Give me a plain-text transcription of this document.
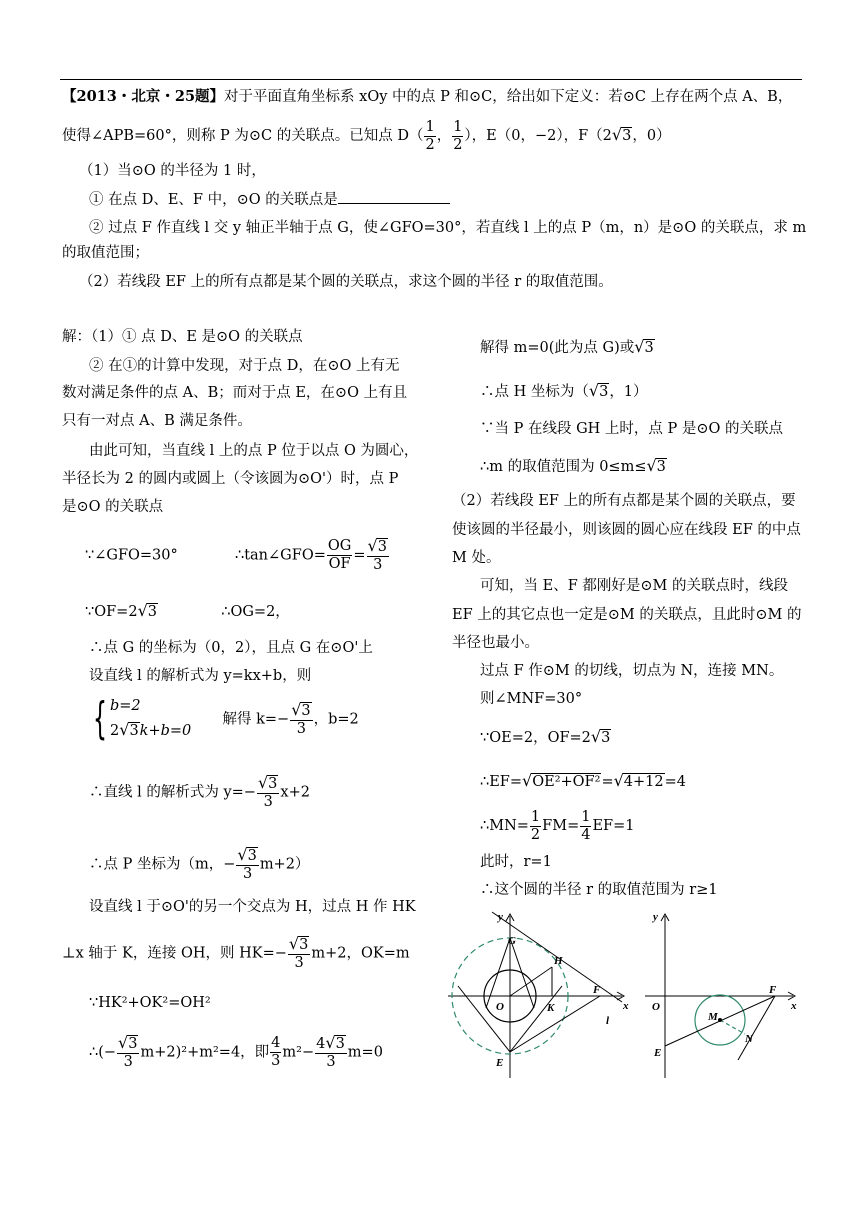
【2013・北京・25题】对于平面直角坐标系 xOy 中的点 P 和⊙C，给出如下定义：若⊙C 上存在两个点 A、B，
使得∠APB=60°，则称 P 为⊙C 的关联点。已知点 $D( \frac{1}{2}$ ， $\frac{1}{2}$ ），E（0，−2），F（2√3，0）
（1）当⊙O 的半径为 1 时，
① 在点 D、E、F 中，⊙O 的关联点是
② 过点 F 作直线 l 交 y 轴正半轴于点 G，使∠GFO=30°，若直线 l 上的点 P（m，n）是⊙O 的关联点，求 m
的取值范围；
（2）若线段 EF 上的所有点都是某个圆的关联点，求这个圆的半径 r 的取值范围。
解：（1）① 点 D、E 是⊙O 的关联点
② 在①的计算中发现，对于点 D，在⊙O 上有无
数对满足条件的点 A、B；而对于点 E，在⊙O 上有且
只有一对点 A、B 满足条件。
由此可知，当直线 l 上的点 P 位于以点 O 为圆心，
半径长为 2 的圆内或圆上（令该圆为⊙O'）时，点 P
是⊙O 的关联点
∵∠GFO=30°	∴tan∠GFO= $\frac{OG}{OF} = \frac{√3}{3}$
∵OF=2√3	∴OG=2，
∴点 G 的坐标为（0，2），且点 G 在⊙O'上
设直线 l 的解析式为 y=kx+b，则
{ b=2
2√3k+b=0  解得 $k=- \frac{√3}{3}$ ，b=2
∴直线 l 的解析式为 $y=- \frac{√3}{3} x+2$
∴点 P 坐标为（m，− $\frac{√3}{3} m+2$）
设直线 l 于⊙O'的另一个交点为 H，过点 H 作 HK
⊥x 轴于 K，连接 OH，则 $HK=- \frac{√3}{3} m+2$，OK=m
∵HK²+OK²=OH²
∴(− $\frac{√3}{3} m+2)^2+m^2=4$，即 $\frac{4}{3} m^2- \frac{4√3}{3} m=0$
解得 m=0(此为点 G)或√3
∴点 H 坐标为（√3，1）
∵当 P 在线段 GH 上时，点 P 是⊙O 的关联点
∴m 的取值范围为 0≤m≤√3
（2）若线段 EF 上的所有点都是某个圆的关联点，要
使该圆的半径最小，则该圆的圆心应在线段 EF 的中点
M 处。
可知，当 E、F 都刚好是⊙M 的关联点时，线段
EF 上的其它点也一定是⊙M 的关联点，且此时⊙M 的
半径也最小。
过点 F 作⊙M 的切线，切点为 N，连接 MN。
则∠MNF=30°
∵OE=2，OF=2√3
∴EF=√OE²+OF²=√4+12=4
∴MN= $\frac{1}{2} FM= \frac{1}{4} EF=1$
此时，r=1
∴这个圆的半径 r 的取值范围为 r≥1
y
x
G
H
O	K
F
l
E
y
x
O
F
M
N
E
